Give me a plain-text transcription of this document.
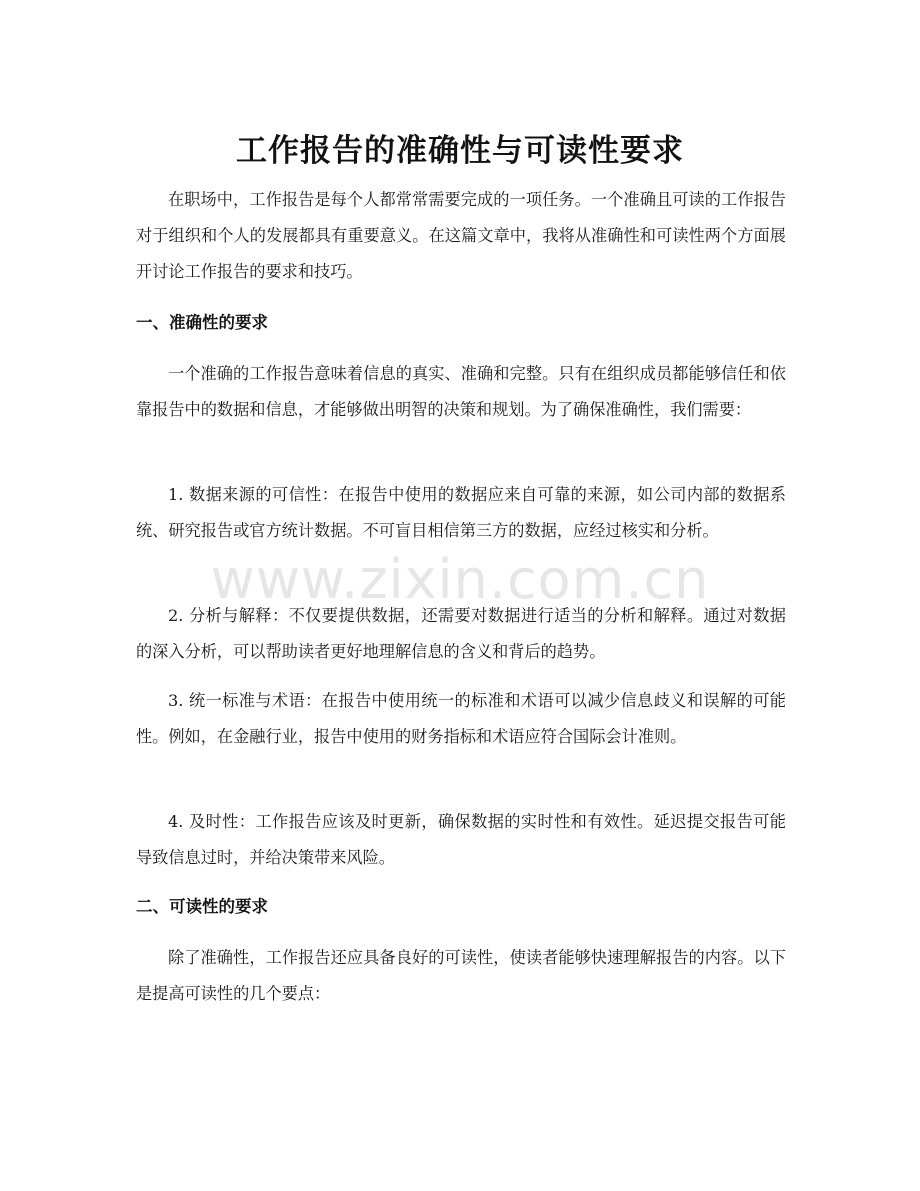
工作报告的准确性与可读性要求

在职场中，工作报告是每个人都常常需要完成的一项任务。一个准确且可读的工作报告对于组织和个人的发展都具有重要意义。在这篇文章中，我将从准确性和可读性两个方面展开讨论工作报告的要求和技巧。

一、准确性的要求

一个准确的工作报告意味着信息的真实、准确和完整。只有在组织成员都能够信任和依靠报告中的数据和信息，才能够做出明智的决策和规划。为了确保准确性，我们需要：

1. 数据来源的可信性：在报告中使用的数据应来自可靠的来源，如公司内部的数据系统、研究报告或官方统计数据。不可盲目相信第三方的数据，应经过核实和分析。

2. 分析与解释：不仅要提供数据，还需要对数据进行适当的分析和解释。通过对数据的深入分析，可以帮助读者更好地理解信息的含义和背后的趋势。

3. 统一标准与术语：在报告中使用统一的标准和术语可以减少信息歧义和误解的可能性。例如，在金融行业，报告中使用的财务指标和术语应符合国际会计准则。

4. 及时性：工作报告应该及时更新，确保数据的实时性和有效性。延迟提交报告可能导致信息过时，并给决策带来风险。

二、可读性的要求

除了准确性，工作报告还应具备良好的可读性，使读者能够快速理解报告的内容。以下是提高可读性的几个要点：

www.zixin.com.cn
